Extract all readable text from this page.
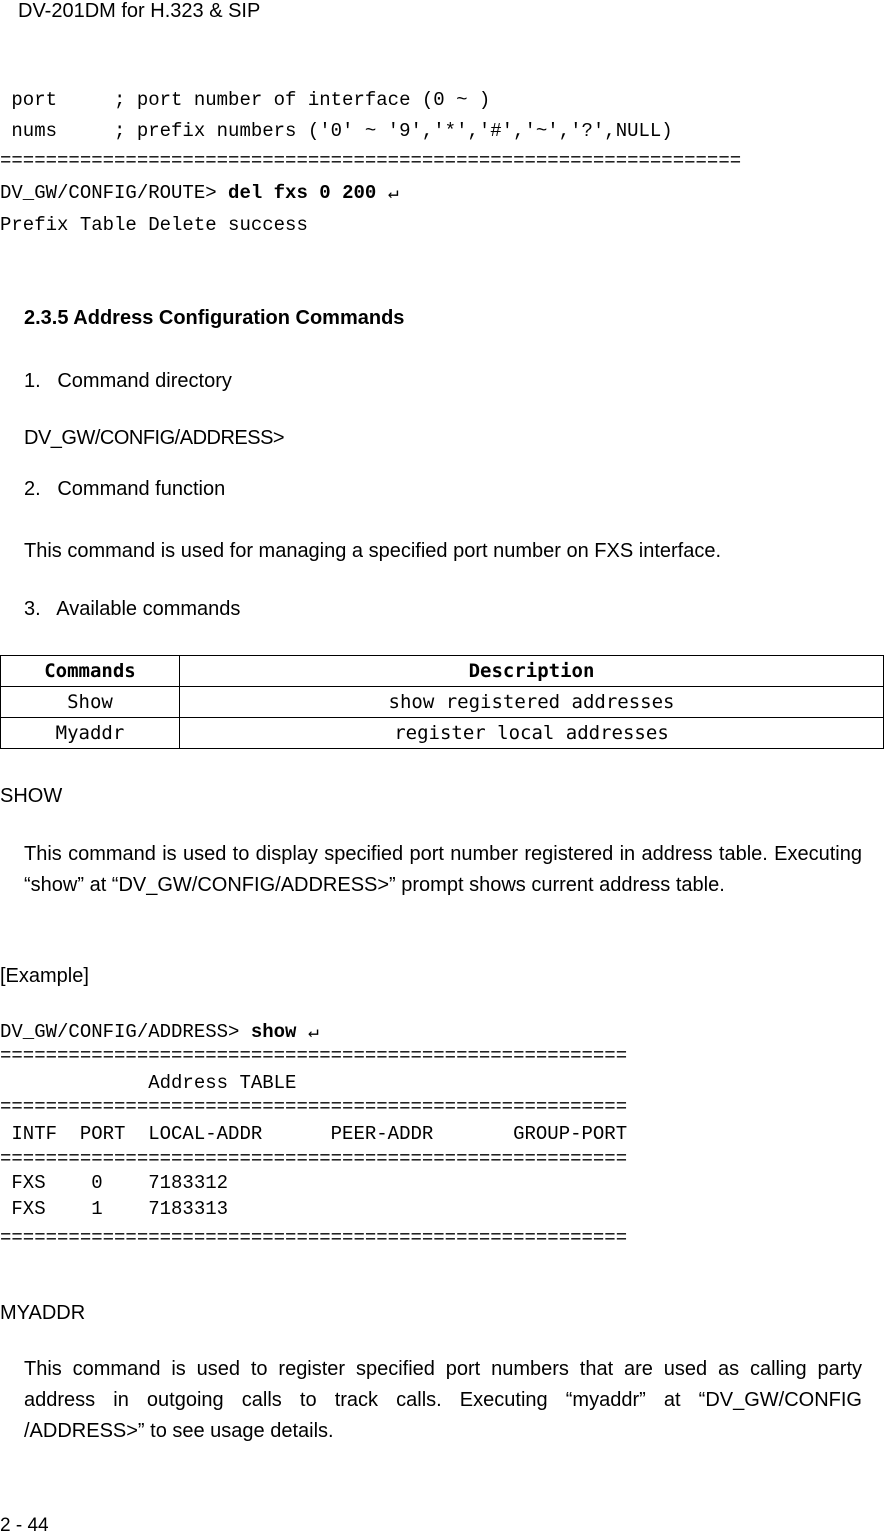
DV-201DM for H.323 & SIP
port     ; port number of interface (0 ~ )
nums     ; prefix numbers ('0' ~ '9','*','#','~','?',NULL)
=================================================================
DV_GW/CONFIG/ROUTE> del fxs 0 200 ↵
Prefix Table Delete success
2.3.5 Address Configuration Commands
1.   Command directory
DV_GW/CONFIG/ADDRESS>
2.   Command function
This command is used for managing a specified port number on FXS interface.
3.   Available commands
Commands	Description
Show	show registered addresses
Myaddr	register local addresses
SHOW
This command is used to display specified port number registered in address table. Executing “show” at “DV_GW/CONFIG/ADDRESS>” prompt shows current address table.
[Example]
DV_GW/CONFIG/ADDRESS> show ↵
=======================================================
Address TABLE
=======================================================
INTF  PORT  LOCAL-ADDR      PEER-ADDR       GROUP-PORT
=======================================================
FXS    0    7183312
FXS    1    7183313
=======================================================
MYADDR
This command is used to register specified port numbers that are used as calling party address in outgoing calls to track calls. Executing “myaddr” at “DV_GW/CONFIG /ADDRESS>” to see usage details.
2 - 44
